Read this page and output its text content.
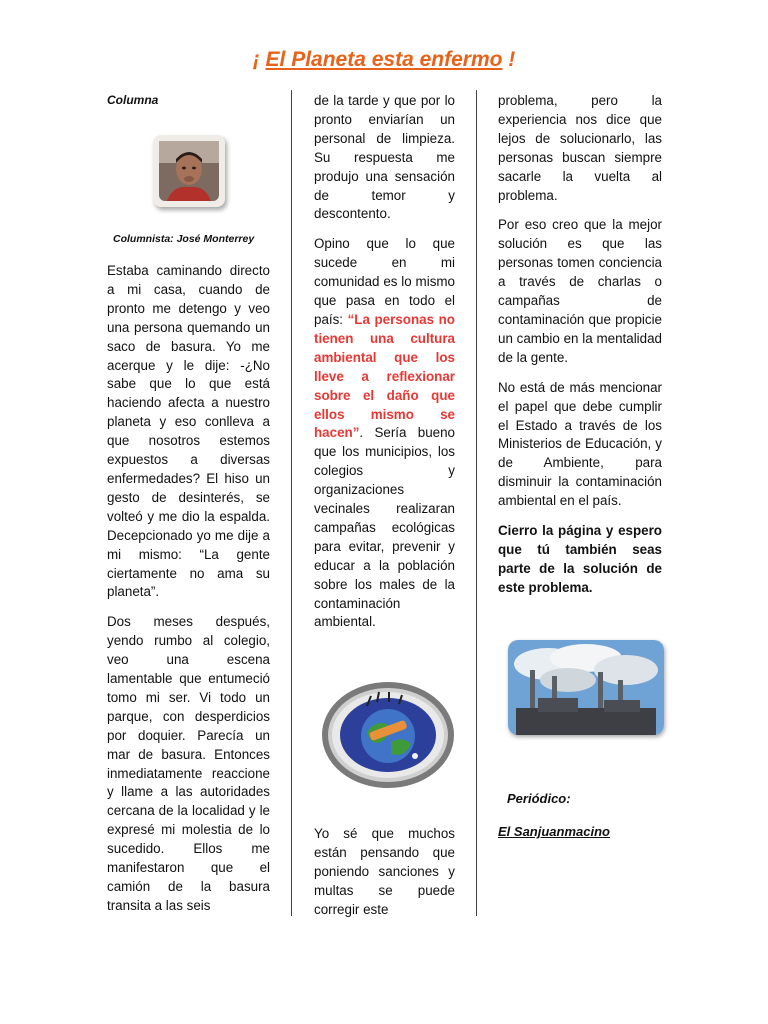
¡ El Planeta esta enfermo !

Columna

Columnista: José Monterrey

Estaba caminando directo a mi casa, cuando de pronto me detengo y veo una persona quemando un saco de basura. Yo me acerque y le dije: -¿No sabe que lo que está haciendo afecta a nuestro planeta y eso conlleva a que nosotros estemos expuestos a diversas enfermedades? El hiso un gesto de desinterés, se volteó y me dio la espalda. Decepcionado yo me dije a mi mismo: “La gente ciertamente no ama su planeta”.

Dos meses después, yendo rumbo al colegio, veo una escena lamentable que entumeció tomo mi ser. Vi todo un parque, con desperdicios por doquier. Parecía un mar de basura. Entonces inmediatamente reaccione y llame a las autoridades cercana de la localidad y le expresé mi molestia de lo sucedido. Ellos me manifestaron que el camión de la basura transita a las seis

de la tarde y que por lo pronto enviarían un personal de limpieza. Su respuesta me produjo una sensación de temor y descontento.

Opino que lo que sucede en mi comunidad es lo mismo que pasa en todo el país: “La personas no tienen una cultura ambiental que los lleve a reflexionar sobre el daño que ellos mismo se hacen”. Sería bueno que los municipios, los colegios y organizaciones vecinales realizaran campañas ecológicas para evitar, prevenir y educar a la población sobre los males de la contaminación ambiental.

Yo sé que muchos están pensando que poniendo sanciones y multas se puede corregir este

problema, pero la experiencia nos dice que lejos de solucionarlo, las personas buscan siempre sacarle la vuelta al problema.

Por eso creo que la mejor solución es que las personas tomen conciencia a través de charlas o campañas de contaminación que propicie un cambio en la mentalidad de la gente.

No está de más mencionar el papel que debe cumplir el Estado a través de los Ministerios de Educación, y de Ambiente, para disminuir la contaminación ambiental en el país.

Cierro la página y espero que tú también seas parte de la solución de este problema.

Periódico:

El Sanjuanmacino
